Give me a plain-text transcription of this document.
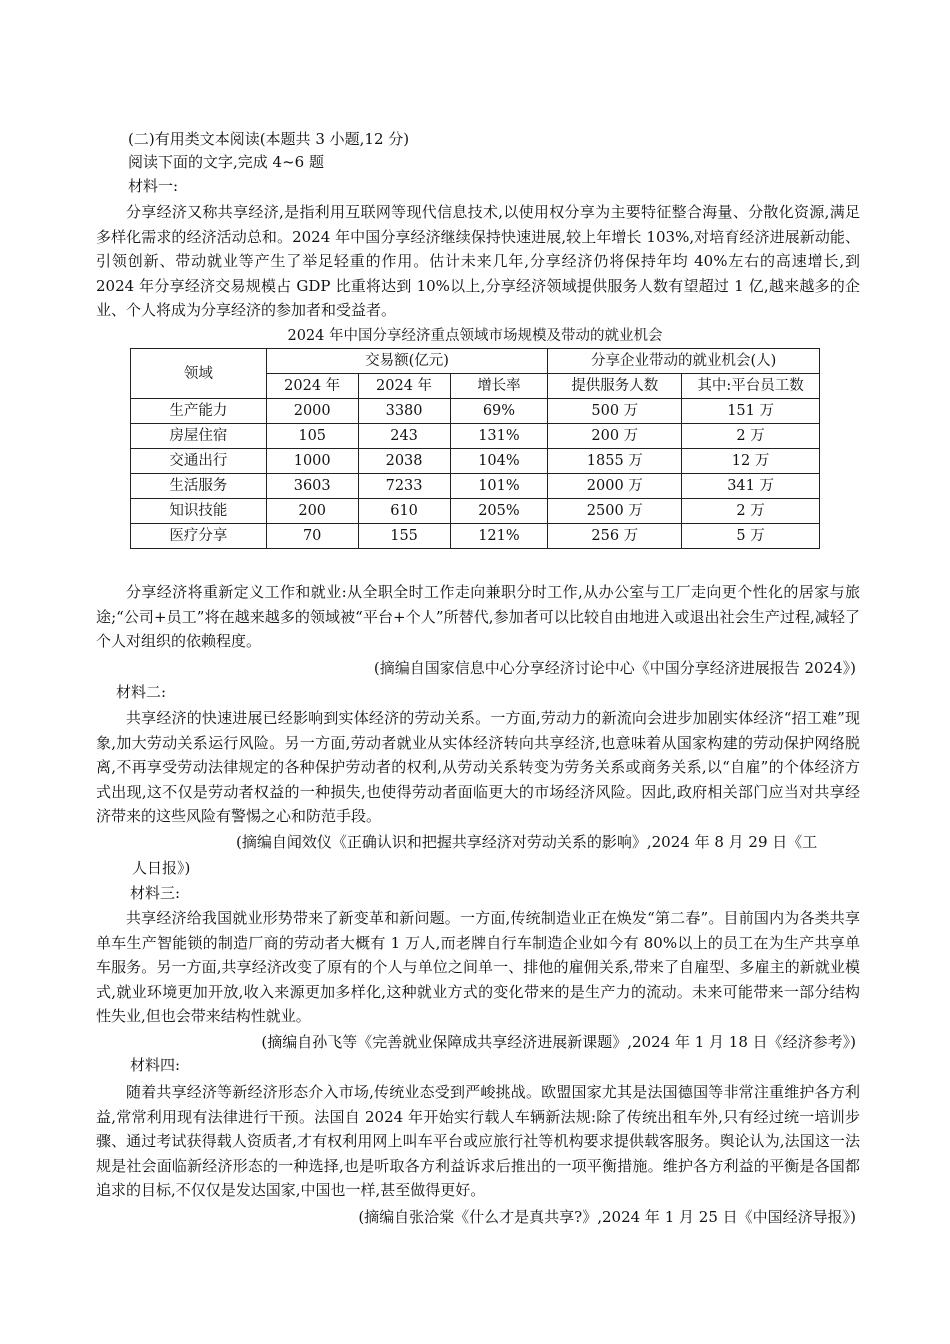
(二)有用类文本阅读(本题共 3 小题,12 分)
阅读下面的文字,完成 4~6 题
材料一:
分享经济又称共享经济,是指利用互联网等现代信息技术,以使用权分享为主要特征整合海量、分散化资源,满足多样化需求的经济活动总和。2024 年中国分享经济继续保持快速进展,较上年增长 103%,对培育经济进展新动能、引领创新、带动就业等产生了举足轻重的作用。估计未来几年,分享经济仍将保持年均 40%左右的高速增长,到 2024 年分享经济交易规模占 GDP 比重将达到 10%以上,分享经济领域提供服务人数有望超过 1 亿,越来越多的企业、个人将成为分享经济的参加者和受益者。
2024 年中国分享经济重点领域市场规模及带动的就业机会
领域	交易额(亿元)			分享企业带动的就业机会(人)	
	2024 年	2024 年	增长率	提供服务人数	其中:平台员工数
生产能力	2000	3380	69%	500 万	151 万
房屋住宿	105	243	131%	200 万	2 万
交通出行	1000	2038	104%	1855 万	12 万
生活服务	3603	7233	101%	2000 万	341 万
知识技能	200	610	205%	2500 万	2 万
医疗分享	70	155	121%	256 万	5 万
分享经济将重新定义工作和就业:从全职全时工作走向兼职分时工作,从办公室与工厂走向更个性化的居家与旅途;“公司+员工”将在越来越多的领域被“平台+个人”所替代,参加者可以比较自由地进入或退出社会生产过程,减轻了个人对组织的依赖程度。
(摘编自国家信息中心分享经济讨论中心《中国分享经济进展报告 2024》)
材料二:
共享经济的快速进展已经影响到实体经济的劳动关系。一方面,劳动力的新流向会进步加剧实体经济“招工难”现象,加大劳动关系运行风险。另一方面,劳动者就业从实体经济转向共享经济,也意味着从国家构建的劳动保护网络脱离,不再享受劳动法律规定的各种保护劳动者的权利,从劳动关系转变为劳务关系或商务关系,以“自雇”的个体经济方式出现,这不仅是劳动者权益的一种损失,也使得劳动者面临更大的市场经济风险。因此,政府相关部门应当对共享经济带来的这些风险有警惕之心和防范手段。
(摘编自闻效仪《正确认识和把握共享经济对劳动关系的影响》,2024 年 8 月 29 日《工
人日报》)
材料三:
共享经济给我国就业形势带来了新变革和新问题。一方面,传统制造业正在焕发“第二春”。目前国内为各类共享单车生产智能锁的制造厂商的劳动者大概有 1 万人,而老牌自行车制造企业如今有 80%以上的员工在为生产共享单车服务。另一方面,共享经济改变了原有的个人与单位之间单一、排他的雇佣关系,带来了自雇型、多雇主的新就业模式,就业环境更加开放,收入来源更加多样化,这种就业方式的变化带来的是生产力的流动。未来可能带来一部分结构性失业,但也会带来结构性就业。
(摘编自孙飞等《完善就业保障成共享经济进展新课题》,2024 年 1 月 18 日《经济参考》)
材料四:
随着共享经济等新经济形态介入市场,传统业态受到严峻挑战。欧盟国家尤其是法国德国等非常注重维护各方利益,常常利用现有法律进行干预。法国自 2024 年开始实行载人车辆新法规:除了传统出租车外,只有经过统一培训步骤、通过考试获得载人资质者,才有权利用网上叫车平台或应旅行社等机构要求提供载客服务。舆论认为,法国这一法规是社会面临新经济形态的一种选择,也是听取各方利益诉求后推出的一项平衡措施。维护各方利益的平衡是各国都追求的目标,不仅仅是发达国家,中国也一样,甚至做得更好。
(摘编自张洽棠《什么才是真共享?》,2024 年 1 月 25 日《中国经济导报》)
